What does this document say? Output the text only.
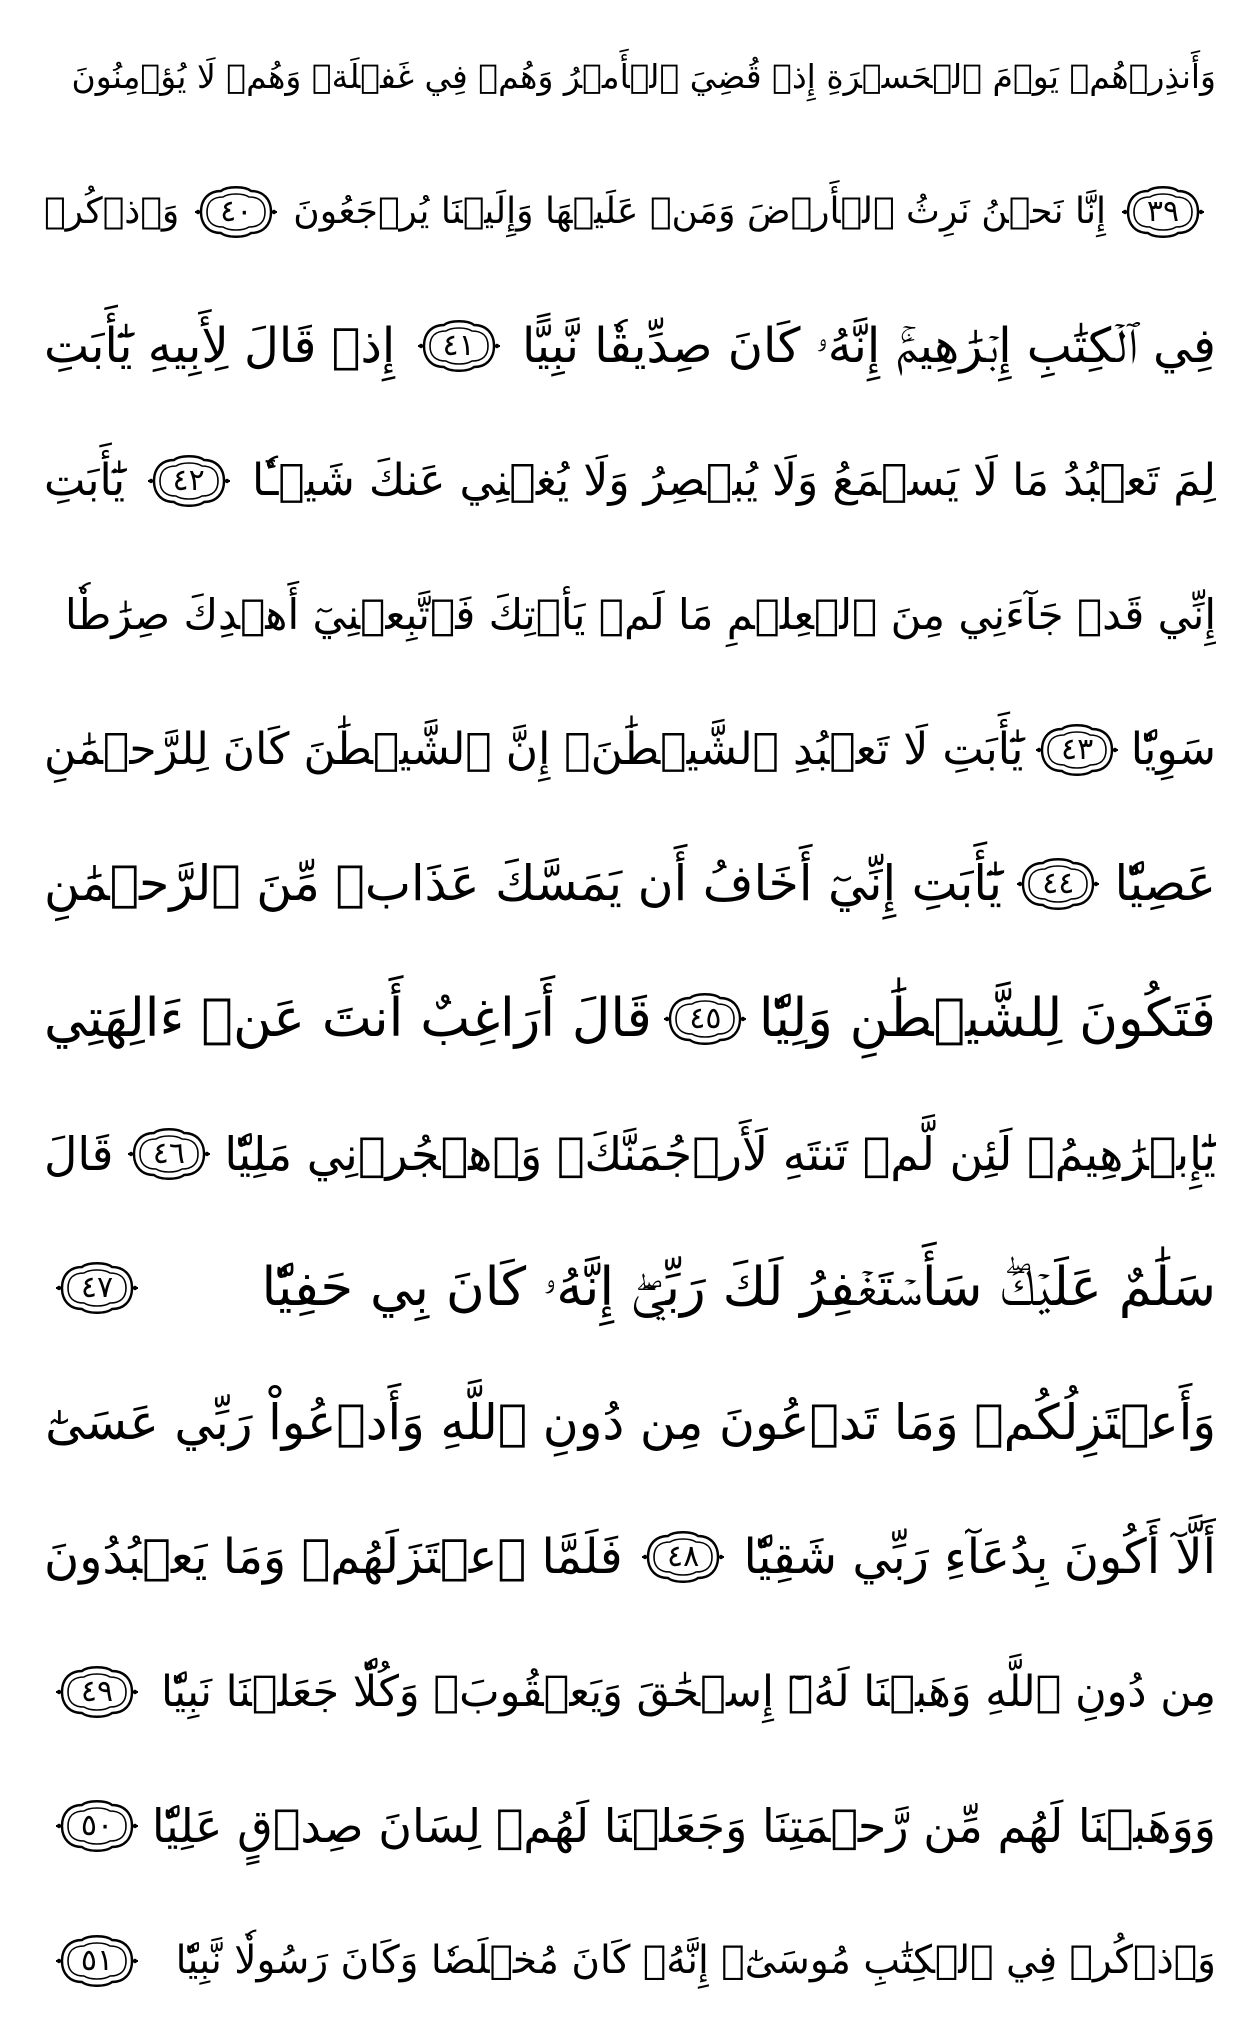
وَأَنذِرۡهُمۡ يَوۡمَ ٱلۡحَسۡرَةِ إِذۡ قُضِيَ ٱلۡأَمۡرُ وَهُمۡ فِي غَفۡلَةٖ وَهُمۡ لَا يُؤۡمِنُونَ
٣٩
إِنَّا نَحۡنُ نَرِثُ ٱلۡأَرۡضَ وَمَنۡ عَلَيۡهَا وَإِلَيۡنَا يُرۡجَعُونَ
٤٠
وَٱذۡكُرۡ
فِي ٱلۡكِتَٰبِ إِبۡرَٰهِيمَۚ إِنَّهُۥ كَانَ صِدِّيقٗا نَّبِيًّا
٤١
إِذۡ قَالَ لِأَبِيهِ يَٰٓأَبَتِ
لِمَ تَعۡبُدُ مَا لَا يَسۡمَعُ وَلَا يُبۡصِرُ وَلَا يُغۡنِي عَنكَ شَيۡـٔٗا
٤٢
يَٰٓأَبَتِ
إِنِّي قَدۡ جَآءَنِي مِنَ ٱلۡعِلۡمِ مَا لَمۡ يَأۡتِكَ فَٱتَّبِعۡنِيٓ أَهۡدِكَ صِرَٰطٗا
سَوِيّٗا
٤٣
يَٰٓأَبَتِ لَا تَعۡبُدِ ٱلشَّيۡطَٰنَۖ إِنَّ ٱلشَّيۡطَٰنَ كَانَ لِلرَّحۡمَٰنِ
عَصِيّٗا
٤٤
يَٰٓأَبَتِ إِنِّيٓ أَخَافُ أَن يَمَسَّكَ عَذَابٞ مِّنَ ٱلرَّحۡمَٰنِ
فَتَكُونَ لِلشَّيۡطَٰنِ وَلِيّٗا
٤٥
قَالَ أَرَاغِبٌ أَنتَ عَنۡ ءَالِهَتِي
يَٰٓإِبۡرَٰهِيمُۖ لَئِن لَّمۡ تَنتَهِ لَأَرۡجُمَنَّكَۖ وَٱهۡجُرۡنِي مَلِيّٗا
٤٦
قَالَ
سَلَٰمٌ عَلَيۡكَۖ سَأَسۡتَغۡفِرُ لَكَ رَبِّيٓۖ إِنَّهُۥ كَانَ بِي حَفِيّٗا
٤٧
وَأَعۡتَزِلُكُمۡ وَمَا تَدۡعُونَ مِن دُونِ ٱللَّهِ وَأَدۡعُواْ رَبِّي عَسَىٰٓ
أَلَّآ أَكُونَ بِدُعَآءِ رَبِّي شَقِيّٗا
٤٨
فَلَمَّا ٱعۡتَزَلَهُمۡ وَمَا يَعۡبُدُونَ
مِن دُونِ ٱللَّهِ وَهَبۡنَا لَهُۥٓ إِسۡحَٰقَ وَيَعۡقُوبَۖ وَكُلّٗا جَعَلۡنَا نَبِيّٗا
٤٩
وَوَهَبۡنَا لَهُم مِّن رَّحۡمَتِنَا وَجَعَلۡنَا لَهُمۡ لِسَانَ صِدۡقٍ عَلِيّٗا
٥٠
وَٱذۡكُرۡ فِي ٱلۡكِتَٰبِ مُوسَىٰٓۚ إِنَّهُۥ كَانَ مُخۡلَصٗا وَكَانَ رَسُولٗا نَّبِيّٗا
٥١
